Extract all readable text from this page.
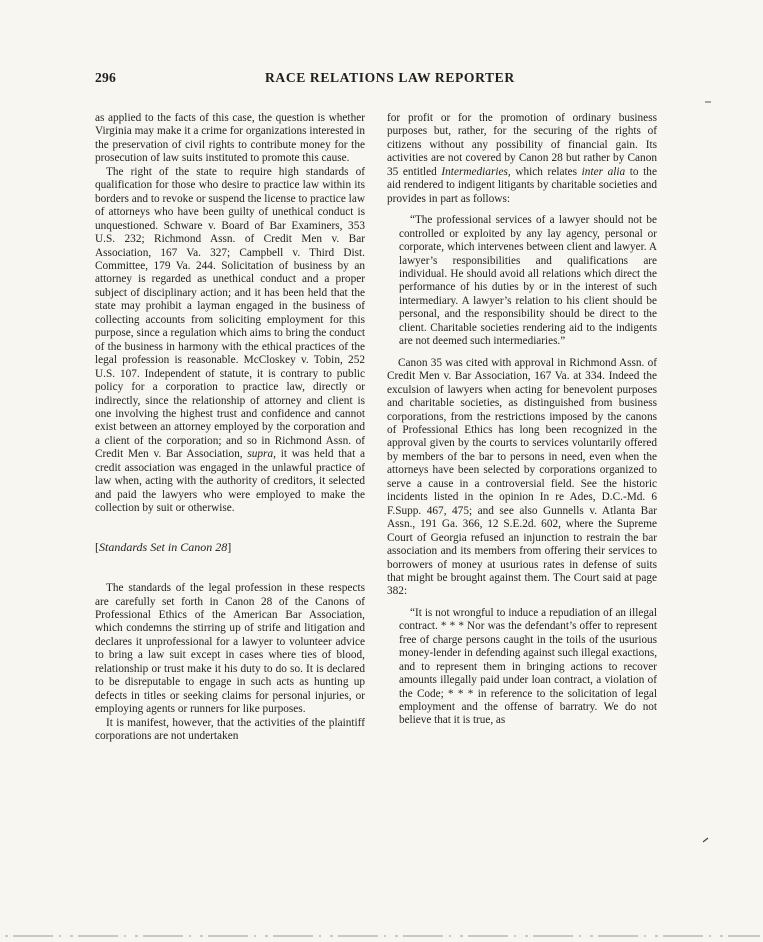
296	RACE RELATIONS LAW REPORTER

as applied to the facts of this case, the question is whether Virginia may make it a crime for organizations interested in the preservation of civil rights to contribute money for the prosecution of law suits instituted to promote this cause.

The right of the state to require high standards of qualification for those who desire to practice law within its borders and to revoke or suspend the license to practice law of attorneys who have been guilty of unethical conduct is unquestioned. Schware v. Board of Bar Examiners, 353 U.S. 232; Richmond Assn. of Credit Men v. Bar Association, 167 Va. 327; Campbell v. Third Dist. Committee, 179 Va. 244. Solicitation of business by an attorney is regarded as unethical conduct and a proper subject of disciplinary action; and it has been held that the state may prohibit a layman engaged in the business of collecting accounts from soliciting employment for this purpose, since a regulation which aims to bring the conduct of the business in harmony with the ethical practices of the legal profession is reasonable. McCloskey v. Tobin, 252 U.S. 107. Independent of statute, it is contrary to public policy for a corporation to practice law, directly or indirectly, since the relationship of attorney and client is one involving the highest trust and confidence and cannot exist between an attorney employed by the corporation and a client of the corporation; and so in Richmond Assn. of Credit Men v. Bar Association, supra, it was held that a credit association was engaged in the unlawful practice of law when, acting with the authority of creditors, it selected and paid the lawyers who were employed to make the collection by suit or otherwise.

[Standards Set in Canon 28]

The standards of the legal profession in these respects are carefully set forth in Canon 28 of the Canons of Professional Ethics of the American Bar Association, which condemns the stirring up of strife and litigation and declares it unprofessional for a lawyer to volunteer advice to bring a law suit except in cases where ties of blood, relationship or trust make it his duty to do so. It is declared to be disreputable to engage in such acts as hunting up defects in titles or seeking claims for personal injuries, or employing agents or runners for like purposes.

It is manifest, however, that the activities of the plaintiff corporations are not undertaken

for profit or for the promotion of ordinary business purposes but, rather, for the securing of the rights of citizens without any possibility of financial gain. Its activities are not covered by Canon 28 but rather by Canon 35 entitled Intermediaries, which relates inter alia to the aid rendered to indigent litigants by charitable societies and provides in part as follows:

“The professional services of a lawyer should not be controlled or exploited by any lay agency, personal or corporate, which intervenes between client and lawyer. A lawyer’s responsibilities and qualifications are individual. He should avoid all relations which direct the performance of his duties by or in the interest of such intermediary. A lawyer’s relation to his client should be personal, and the responsibility should be direct to the client. Charitable societies rendering aid to the indigents are not deemed such intermediaries.”

Canon 35 was cited with approval in Richmond Assn. of Credit Men v. Bar Association, 167 Va. at 334. Indeed the exculsion of lawyers when acting for benevolent purposes and charitable societies, as distinguished from business corporations, from the restrictions imposed by the canons of Professional Ethics has long been recognized in the approval given by the courts to services voluntarily offered by members of the bar to persons in need, even when the attorneys have been selected by corporations organized to serve a cause in a controversial field. See the historic incidents listed in the opinion In re Ades, D.C.-Md. 6 F.Supp. 467, 475; and see also Gunnells v. Atlanta Bar Assn., 191 Ga. 366, 12 S.E.2d. 602, where the Supreme Court of Georgia refused an injunction to restrain the bar association and its members from offering their services to borrowers of money at usurious rates in defense of suits that might be brought against them. The Court said at page 382:

“It is not wrongful to induce a repudiation of an illegal contract. * * * Nor was the defendant’s offer to represent free of charge persons caught in the toils of the usurious money-lender in defending against such illegal exactions, and to represent them in bringing actions to recover amounts illegally paid under loan contract, a violation of the Code; * * * in reference to the solicitation of legal employment and the offense of barratry. We do not believe that it is true, as
